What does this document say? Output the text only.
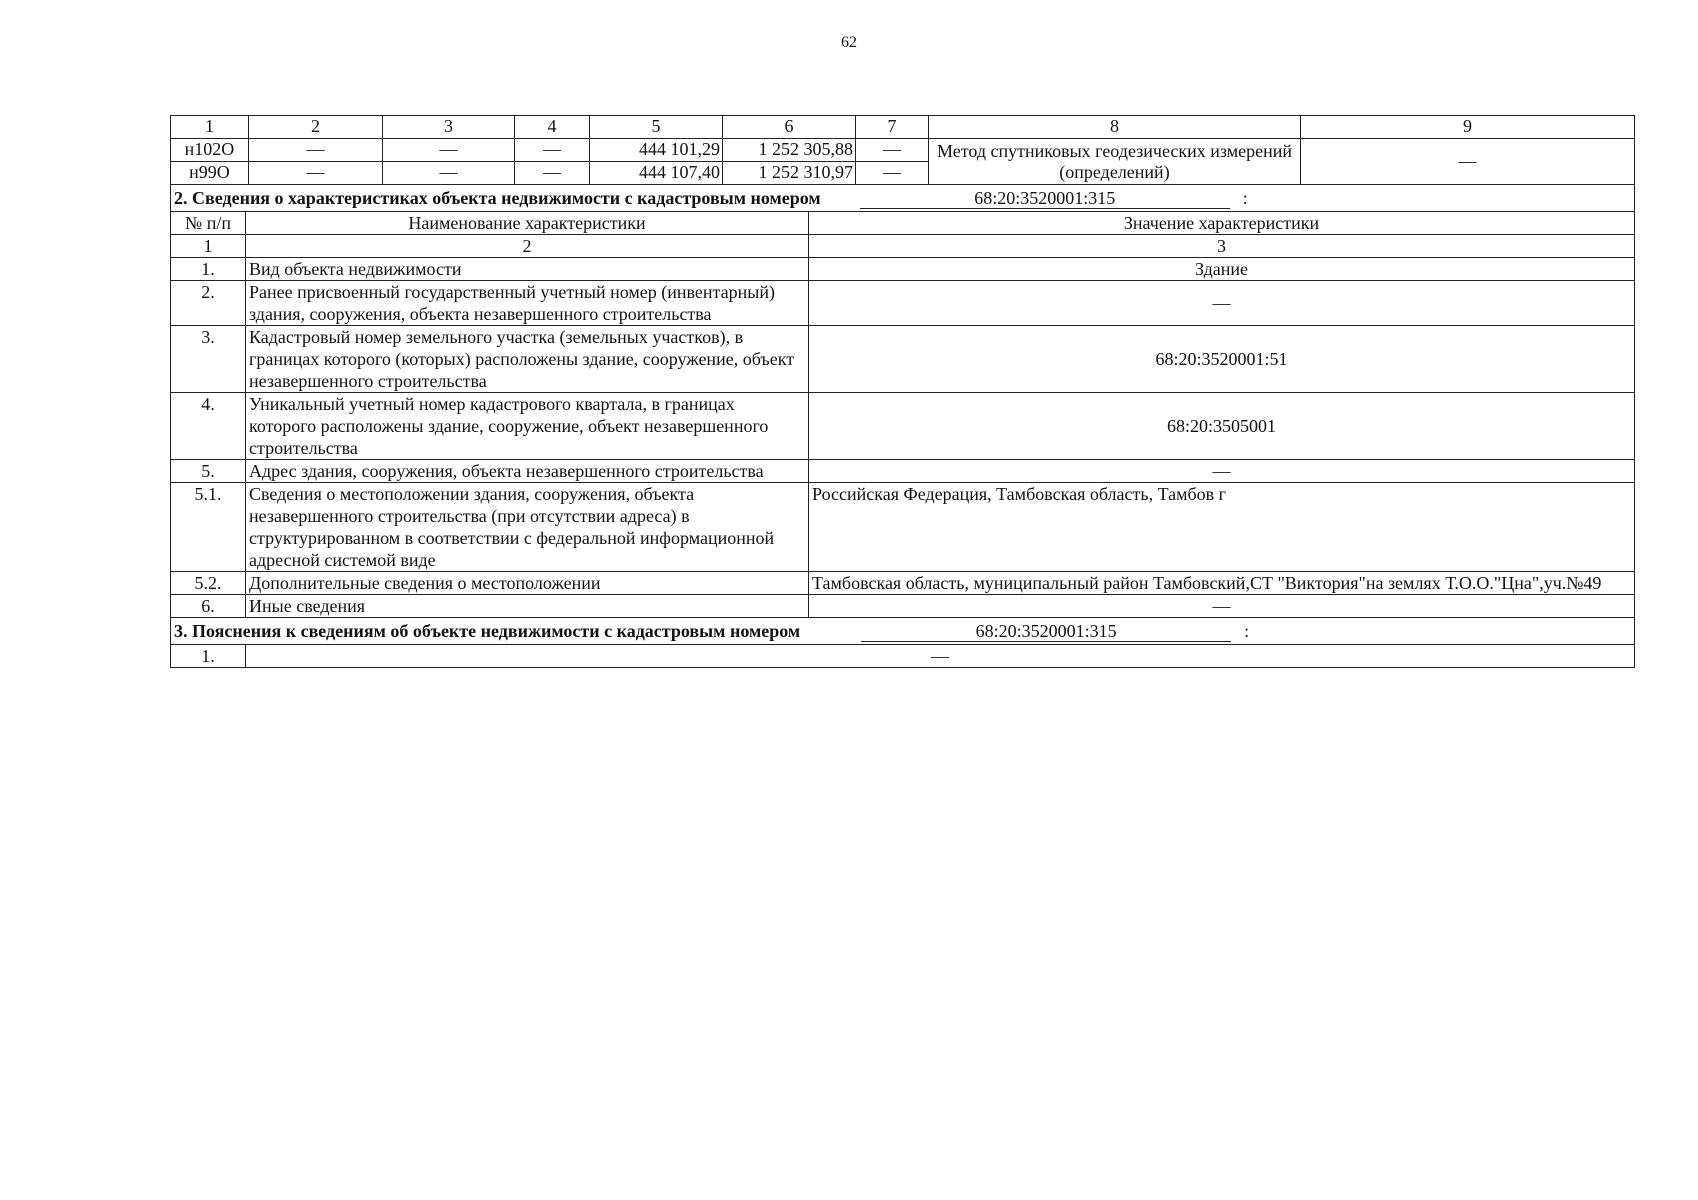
62
1	2	3	4	5	6	7	8	9
н102О	—	—	—	444 101,29	1 252 305,88	—	Метод спутниковых геодезических измерений (определений)	—
н99О	—	—	—	444 107,40	1 252 310,97	—		
2. Сведения о характеристиках объекта недвижимости с кадастровым номером 68:20:3520001:315 :		
№ п/п	Наименование характеристики	Значение характеристики
1	2	3
1.	Вид объекта недвижимости	Здание
2.	Ранее присвоенный государственный учетный номер (инвентарный) здания, сооружения, объекта незавершенного строительства	—
3.	Кадастровый номер земельного участка (земельных участков), в границах которого (которых) расположены здание, сооружение, объект незавершенного строительства	68:20:3520001:51
4.	Уникальный учетный номер кадастрового квартала, в границах которого расположены здание, сооружение, объект незавершенного строительства	68:20:3505001
5.	Адрес здания, сооружения, объекта незавершенного строительства	—
5.1.	Сведения о местоположении здания, сооружения, объекта незавершенного строительства (при отсутствии адреса) в структурированном в соответствии с федеральной информационной адресной системой виде	Российская Федерация, Тамбовская область, Тамбов г
5.2.	Дополнительные сведения о местоположении	Тамбовская область, муниципальный район Тамбовский,СТ "Виктория"на землях Т.О.О."Цна",уч.№49
6.	Иные сведения	—
3. Пояснения к сведениям об объекте недвижимости с кадастровым номером 68:20:3520001:315 :		
1.	—	
